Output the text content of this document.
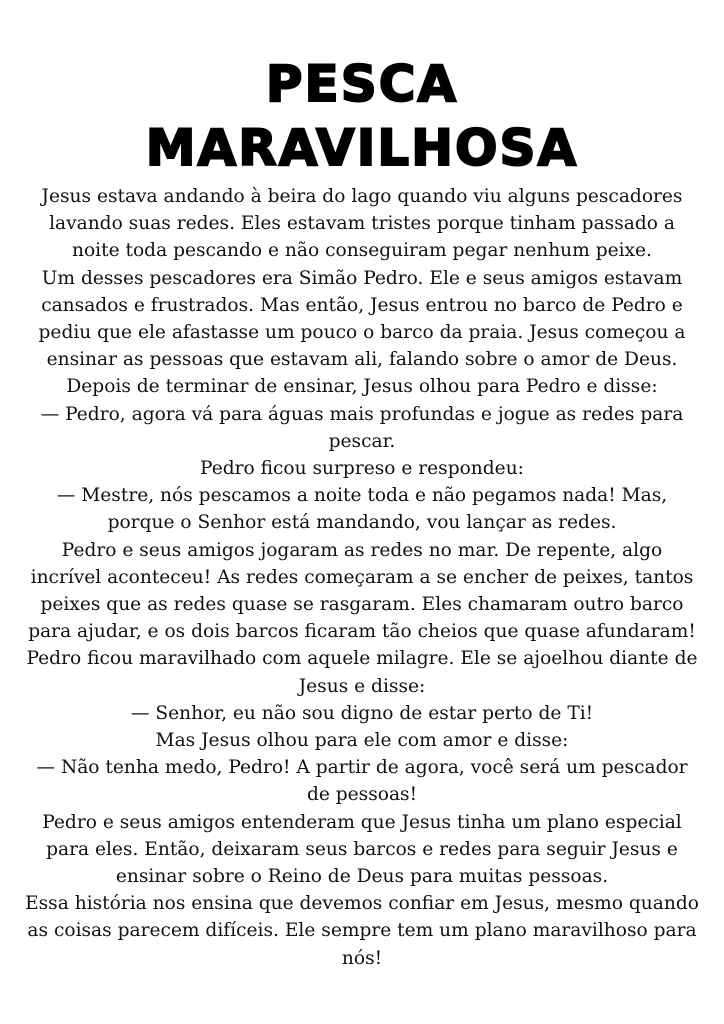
PESCA
MARAVILHOSA

Jesus estava andando à beira do lago quando viu alguns pescadores lavando suas redes. Eles estavam tristes porque tinham passado a noite toda pescando e não conseguiram pegar nenhum peixe.

Um desses pescadores era Simão Pedro. Ele e seus amigos estavam cansados e frustrados. Mas então, Jesus entrou no barco de Pedro e pediu que ele afastasse um pouco o barco da praia. Jesus começou a ensinar as pessoas que estavam ali, falando sobre o amor de Deus.

Depois de terminar de ensinar, Jesus olhou para Pedro e disse:

— Pedro, agora vá para águas mais profundas e jogue as redes para pescar.

Pedro ficou surpreso e respondeu:

— Mestre, nós pescamos a noite toda e não pegamos nada! Mas, porque o Senhor está mandando, vou lançar as redes.

Pedro e seus amigos jogaram as redes no mar. De repente, algo incrível aconteceu! As redes começaram a se encher de peixes, tantos peixes que as redes quase se rasgaram. Eles chamaram outro barco para ajudar, e os dois barcos ficaram tão cheios que quase afundaram!

Pedro ficou maravilhado com aquele milagre. Ele se ajoelhou diante de Jesus e disse:

— Senhor, eu não sou digno de estar perto de Ti!

Mas Jesus olhou para ele com amor e disse:

— Não tenha medo, Pedro! A partir de agora, você será um pescador de pessoas!

Pedro e seus amigos entenderam que Jesus tinha um plano especial para eles. Então, deixaram seus barcos e redes para seguir Jesus e ensinar sobre o Reino de Deus para muitas pessoas.

Essa história nos ensina que devemos confiar em Jesus, mesmo quando as coisas parecem difíceis. Ele sempre tem um plano maravilhoso para nós!
